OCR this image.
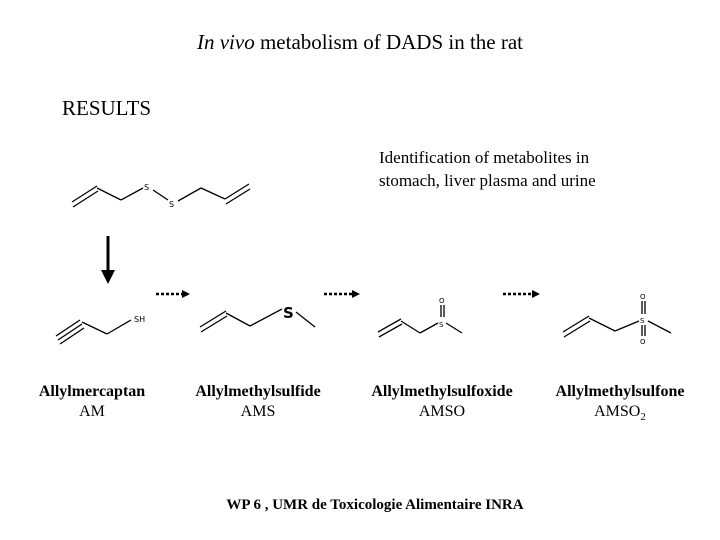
In vivo metabolism of DADS in the rat
RESULTS
Identification of metabolites in
stomach, liver plasma and urine
S
S
SH	S
S
O	O
S
O
Allylmercaptan
AM
Allylmethylsulfide
AMS
Allylmethylsulfoxide
AMSO
Allylmethylsulfone
$AMSO_2$
WP 6 , UMR de Toxicologie Alimentaire INRA
